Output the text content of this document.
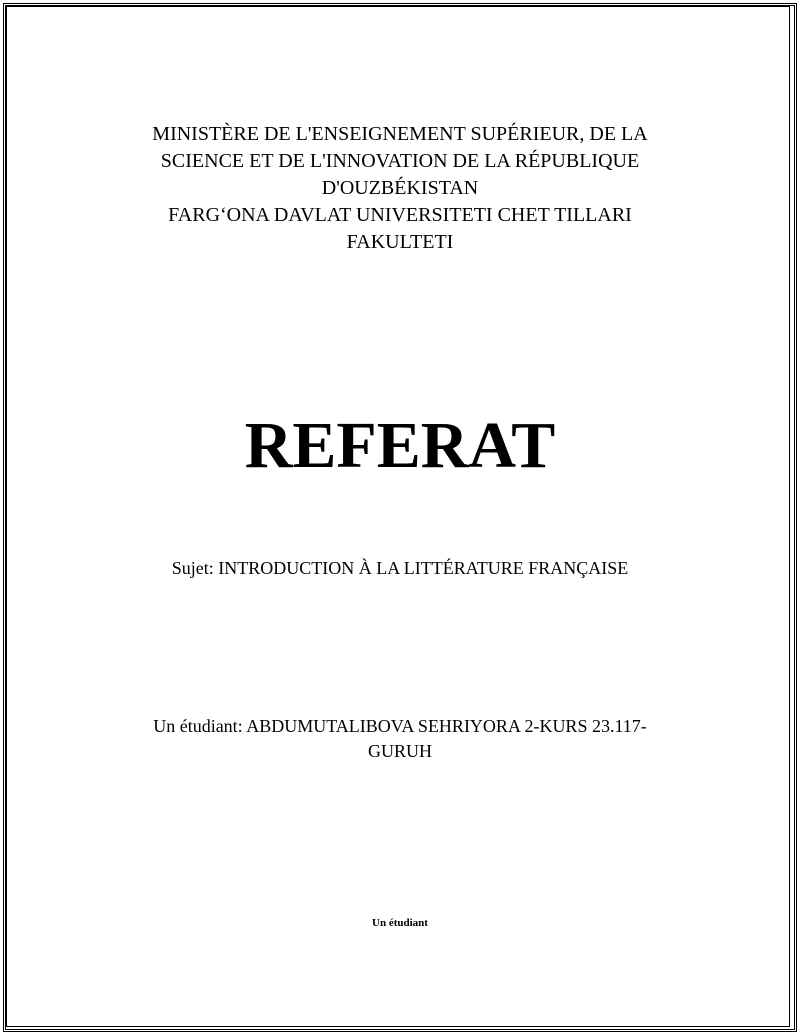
MINISTÈRE DE L'ENSEIGNEMENT SUPÉRIEUR, DE LA
SCIENCE ET DE L'INNOVATION DE LA RÉPUBLIQUE
D'OUZBÉKISTAN
FARG‘ONA DAVLAT UNIVERSITETI CHET TILLARI
FAKULTETI
REFERAT
Sujet: INTRODUCTION À LA LITTÉRATURE FRANÇAISE
Un étudiant: ABDUMUTALIBOVA SEHRIYORA 2-KURS 23.117-
GURUH
Un étudiant
